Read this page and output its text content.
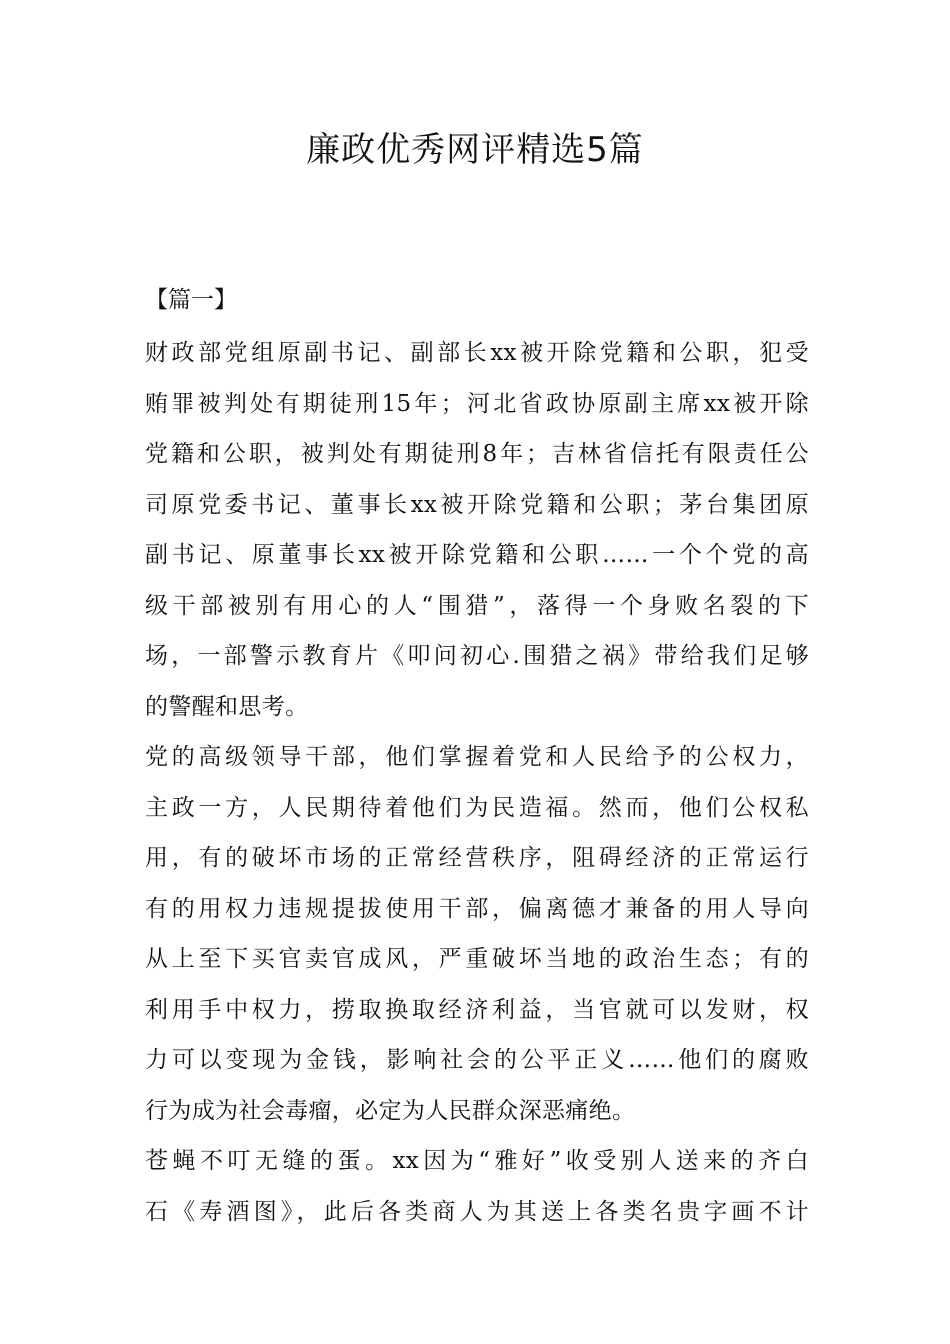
廉政优秀网评精选5篇
【篇一】
财政部党组原副书记、副部长xx被开除党籍和公职，犯受
贿罪被判处有期徒刑15年；河北省政协原副主席xx被开除
党籍和公职，被判处有期徒刑8年；吉林省信托有限责任公
司原党委书记、董事长xx被开除党籍和公职；茅台集团原
副书记、原董事长xx被开除党籍和公职……一个个党的高
级干部被别有用心的人“围猎”，落得一个身败名裂的下
场，一部警示教育片《叩问初心.围猎之祸》带给我们足够
的警醒和思考。
党的高级领导干部，他们掌握着党和人民给予的公权力，
主政一方，人民期待着他们为民造福。然而，他们公权私
用，有的破坏市场的正常经营秩序，阻碍经济的正常运行
有的用权力违规提拔使用干部，偏离德才兼备的用人导向
从上至下买官卖官成风，严重破坏当地的政治生态；有的
利用手中权力，捞取换取经济利益，当官就可以发财，权
力可以变现为金钱，影响社会的公平正义……他们的腐败
行为成为社会毒瘤，必定为人民群众深恶痛绝。
苍蝇不叮无缝的蛋。xx因为“雅好”收受别人送来的齐白
石《寿酒图》，此后各类商人为其送上各类名贵字画不计
